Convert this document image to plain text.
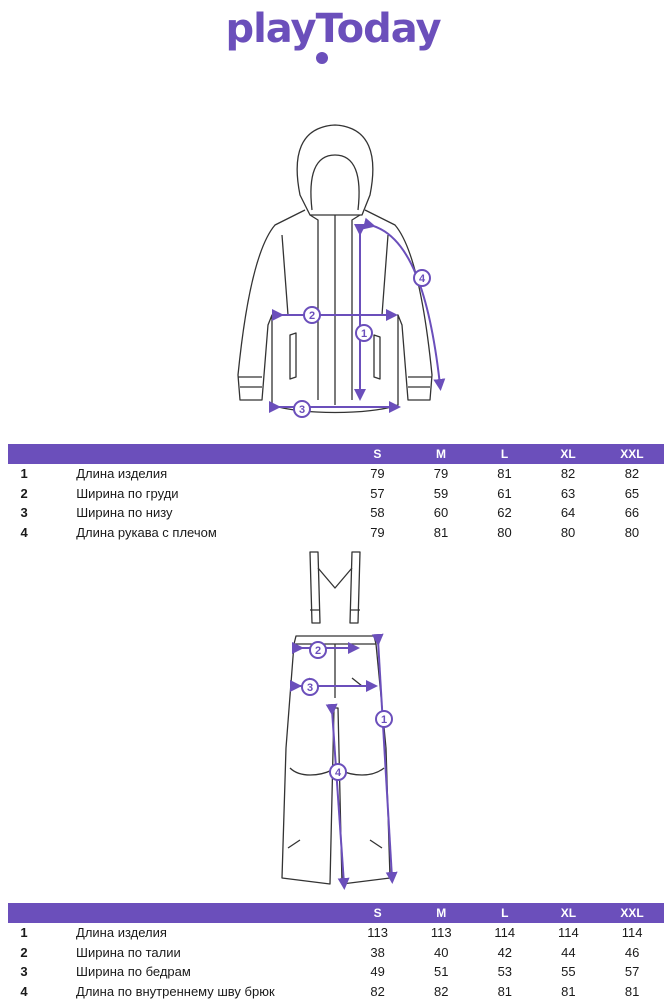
playToday
1
2
3
4
		S	M	L	XL	XXL
1	Длина изделия	79	79	81	82	82
2	Ширина по груди	57	59	61	63	65
3	Ширина по низу	58	60	62	64	66
4	Длина рукава с плечом	79	81	80	80	80
1
2
3
4
		S	M	L	XL	XXL
1	Длина изделия	113	113	114	114	114
2	Ширина по талии	38	40	42	44	46
3	Ширина по бедрам	49	51	53	55	57
4	Длина по внутреннему шву брюк	82	82	81	81	81
